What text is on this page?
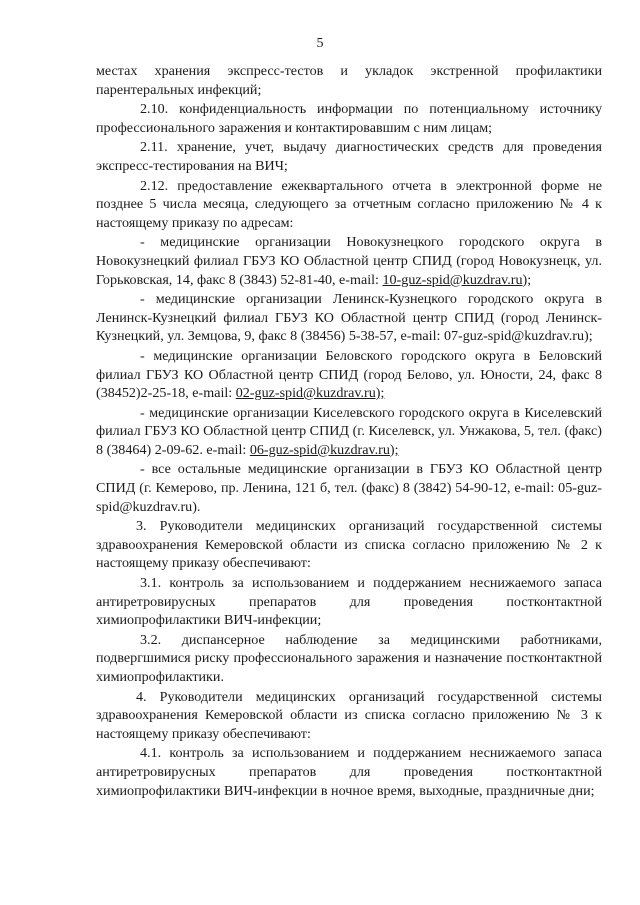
5

местах хранения экспресс-тестов и укладок экстренной профилактики парентеральных инфекций;

2.10. конфиденциальность информации по потенциальному источнику профессионального заражения и контактировавшим с ним лицам;

2.11. хранение, учет, выдачу диагностических средств для проведения экспресс-тестирования на ВИЧ;

2.12. предоставление ежеквартального отчета в электронной форме не позднее 5 числа месяца, следующего за отчетным согласно приложению № 4 к настоящему приказу по адресам:

- медицинские организации Новокузнецкого городского округа в Новокузнецкий филиал ГБУЗ КО Областной центр СПИД (город Новокузнецк, ул. Горьковская, 14, факс 8 (3843) 52-81-40, e-mail: 10-guz-spid@kuzdrav.ru);

- медицинские организации Ленинск-Кузнецкого городского округа в Ленинск-Кузнецкий филиал ГБУЗ КО Областной центр СПИД (город Ленинск-Кузнецкий, ул. Земцова, 9, факс 8 (38456) 5-38-57, e-mail: 07-guz-spid@kuzdrav.ru);

- медицинские организации Беловского городского округа в Беловский филиал ГБУЗ КО Областной центр СПИД (город Белово, ул. Юности, 24, факс 8 (38452)2-25-18, e-mail: 02-guz-spid@kuzdrav.ru);

- медицинские организации Киселевского городского округа в Киселевский филиал ГБУЗ КО Областной центр СПИД (г. Киселевск, ул. Унжакова, 5, тел. (факс) 8 (38464) 2-09-62. e-mail: 06-guz-spid@kuzdrav.ru);

- все остальные медицинские организации в ГБУЗ КО Областной центр СПИД (г. Кемерово, пр. Ленина, 121 б, тел. (факс) 8 (3842) 54-90-12, e-mail: 05-guz-spid@kuzdrav.ru).

3. Руководители медицинских организаций государственной системы здравоохранения Кемеровской области из списка согласно приложению № 2 к настоящему приказу обеспечивают:

3.1. контроль за использованием и поддержанием неснижаемого запаса антиретровирусных препаратов для проведения постконтактной химиопрофилактики ВИЧ-инфекции;

3.2. диспансерное наблюдение за медицинскими работниками, подвергшимися риску профессионального заражения и назначение постконтактной химиопрофилактики.

4. Руководители медицинских организаций государственной системы здравоохранения Кемеровской области из списка согласно приложению № 3 к настоящему приказу обеспечивают:

4.1. контроль за использованием и поддержанием неснижаемого запаса антиретровирусных препаратов для проведения постконтактной химиопрофилактики ВИЧ-инфекции в ночное время, выходные, праздничные дни;
